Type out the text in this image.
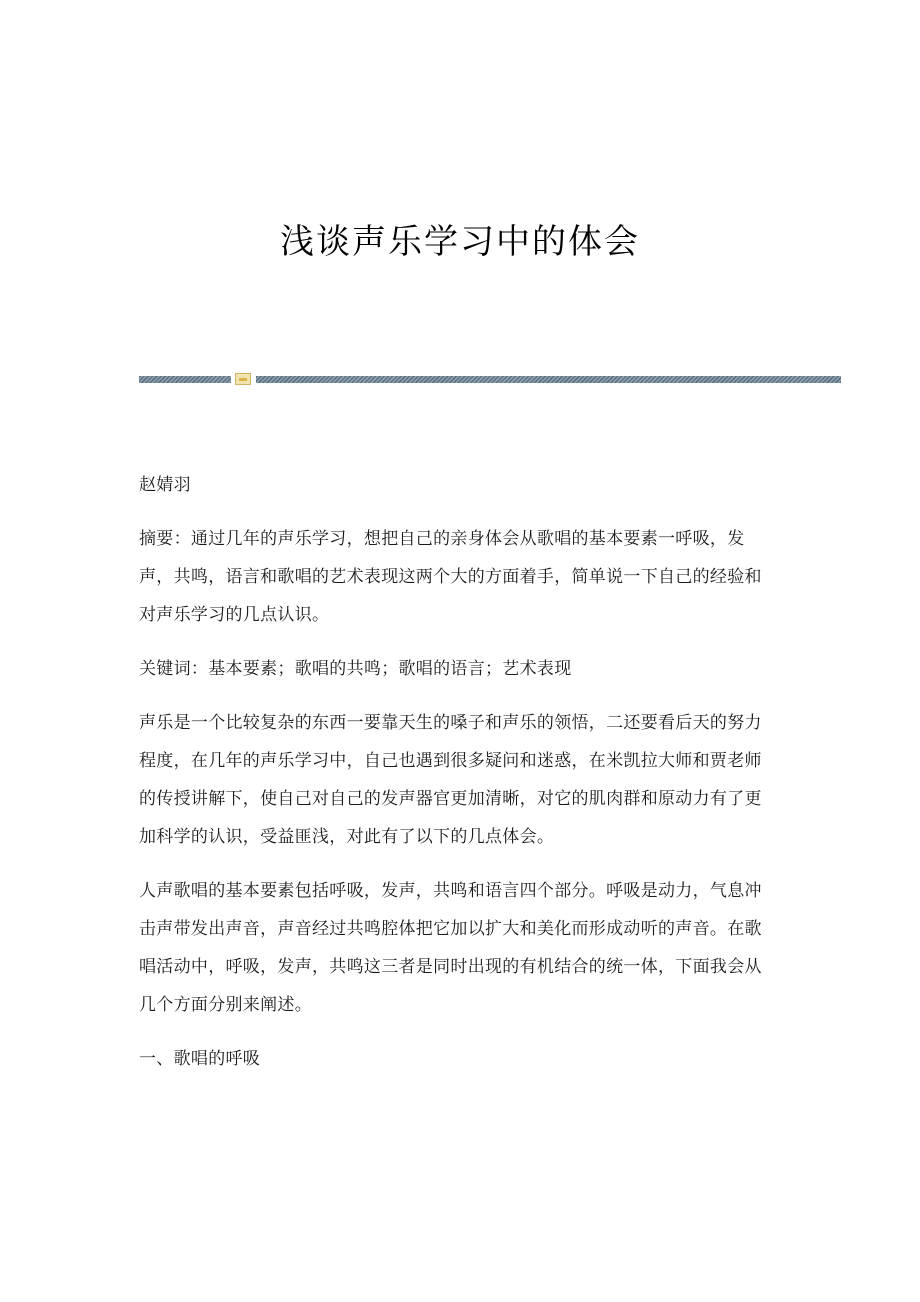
浅谈声乐学习中的体会

赵婧羽

摘要：通过几年的声乐学习，想把自己的亲身体会从歌唱的基本要素一呼吸，发声，共鸣，语言和歌唱的艺术表现这两个大的方面着手，简单说一下自己的经验和对声乐学习的几点认识。

关键词：基本要素；歌唱的共鸣；歌唱的语言；艺术表现

声乐是一个比较复杂的东西一要靠天生的嗓子和声乐的领悟，二还要看后天的努力程度，在几年的声乐学习中，自己也遇到很多疑问和迷惑，在米凯拉大师和贾老师的传授讲解下，使自己对自己的发声器官更加清晰，对它的肌肉群和原动力有了更加科学的认识，受益匪浅，对此有了以下的几点体会。

人声歌唱的基本要素包括呼吸，发声，共鸣和语言四个部分。呼吸是动力，气息冲击声带发出声音，声音经过共鸣腔体把它加以扩大和美化而形成动听的声音。在歌唱活动中，呼吸，发声，共鸣这三者是同时出现的有机结合的统一体，下面我会从几个方面分别来阐述。

一、歌唱的呼吸
